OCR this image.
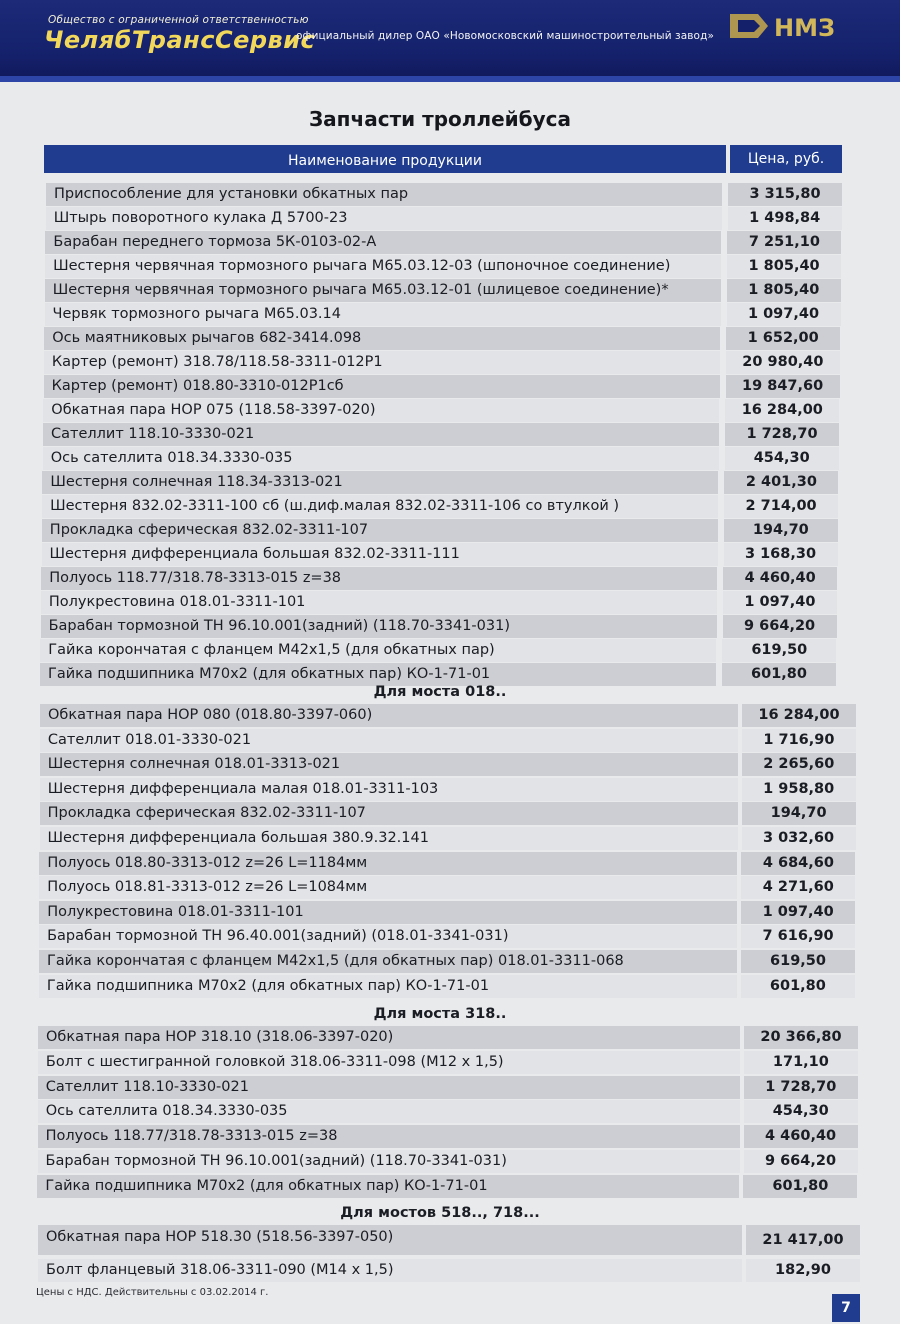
Общество с ограниченной ответственностью
ЧелябТрансСервис
официальный дилер ОАО «Новомосковский машиностроительный завод»	НМЗ
Запчасти троллейбуса
Наименование продукции	Цена, руб.
Приспособление для установки обкатных пар	3 315,80
Штырь поворотного кулака Д 5700-23	1 498,84
Барабан переднего тормоза 5К-0103-02-А	7 251,10
Шестерня червячная тормозного рычага М65.03.12-03 (шпоночное соединение)	1 805,40
Шестерня червячная тормозного рычага М65.03.12-01 (шлицевое соединение)*	1 805,40
Червяк тормозного рычага М65.03.14	1 097,40
Ось маятниковых рычагов 682-3414.098	1 652,00
Картер (ремонт) 318.78/118.58-3311-012Р1	20 980,40
Картер (ремонт) 018.80-3310-012Р1сб	19 847,60
Обкатная пара НОР 075 (118.58-3397-020)	16 284,00
Сателлит 118.10-3330-021	1 728,70
Ось сателлита 018.34.3330-035	454,30
Шестерня солнечная 118.34-3313-021	2 401,30
Шестерня 832.02-3311-100 сб (ш.диф.малая 832.02-3311-106 со втулкой )	2 714,00
Прокладка сферическая 832.02-3311-107	194,70
Шестерня дифференциала большая 832.02-3311-111	3 168,30
Полуось 118.77/318.78-3313-015 z=38	4 460,40
Полукрестовина 018.01-3311-101	1 097,40
Барабан тормозной ТН 96.10.001(задний) (118.70-3341-031)	9 664,20
Гайка корончатая с фланцем М42х1,5 (для обкатных пар)	619,50
Гайка подшипника М70х2 (для обкатных пар) КО-1-71-01	601,80
Для моста 018..
Обкатная пара НОР 080 (018.80-3397-060)	16 284,00
Сателлит 018.01-3330-021	1 716,90
Шестерня солнечная 018.01-3313-021	2 265,60
Шестерня дифференциала малая 018.01-3311-103	1 958,80
Прокладка сферическая 832.02-3311-107	194,70
Шестерня дифференциала большая 380.9.32.141	3 032,60
Полуось 018.80-3313-012 z=26 L=1184мм	4 684,60
Полуось 018.81-3313-012 z=26 L=1084мм	4 271,60
Полукрестовина 018.01-3311-101	1 097,40
Барабан тормозной ТН 96.40.001(задний) (018.01-3341-031)	7 616,90
Гайка корончатая с фланцем М42х1,5 (для обкатных пар) 018.01-3311-068	619,50
Гайка подшипника М70х2 (для обкатных пар) КО-1-71-01	601,80
Для моста 318..
Обкатная пара НОР 318.10 (318.06-3397-020)	20 366,80
Болт с шестигранной головкой 318.06-3311-098 (М12 х 1,5)	171,10
Сателлит 118.10-3330-021	1 728,70
Ось сателлита 018.34.3330-035	454,30
Полуось 118.77/318.78-3313-015 z=38	4 460,40
Барабан тормозной ТН 96.10.001(задний) (118.70-3341-031)	9 664,20
Гайка подшипника М70х2 (для обкатных пар) КО-1-71-01	601,80
Для мостов 518.., 718...
Обкатная пара НОР 518.30 (518.56-3397-050)	21 417,00
Болт фланцевый 318.06-3311-090 (М14 х 1,5)	182,90
Цены с НДС. Действительны с 03.02.2014 г.
7
